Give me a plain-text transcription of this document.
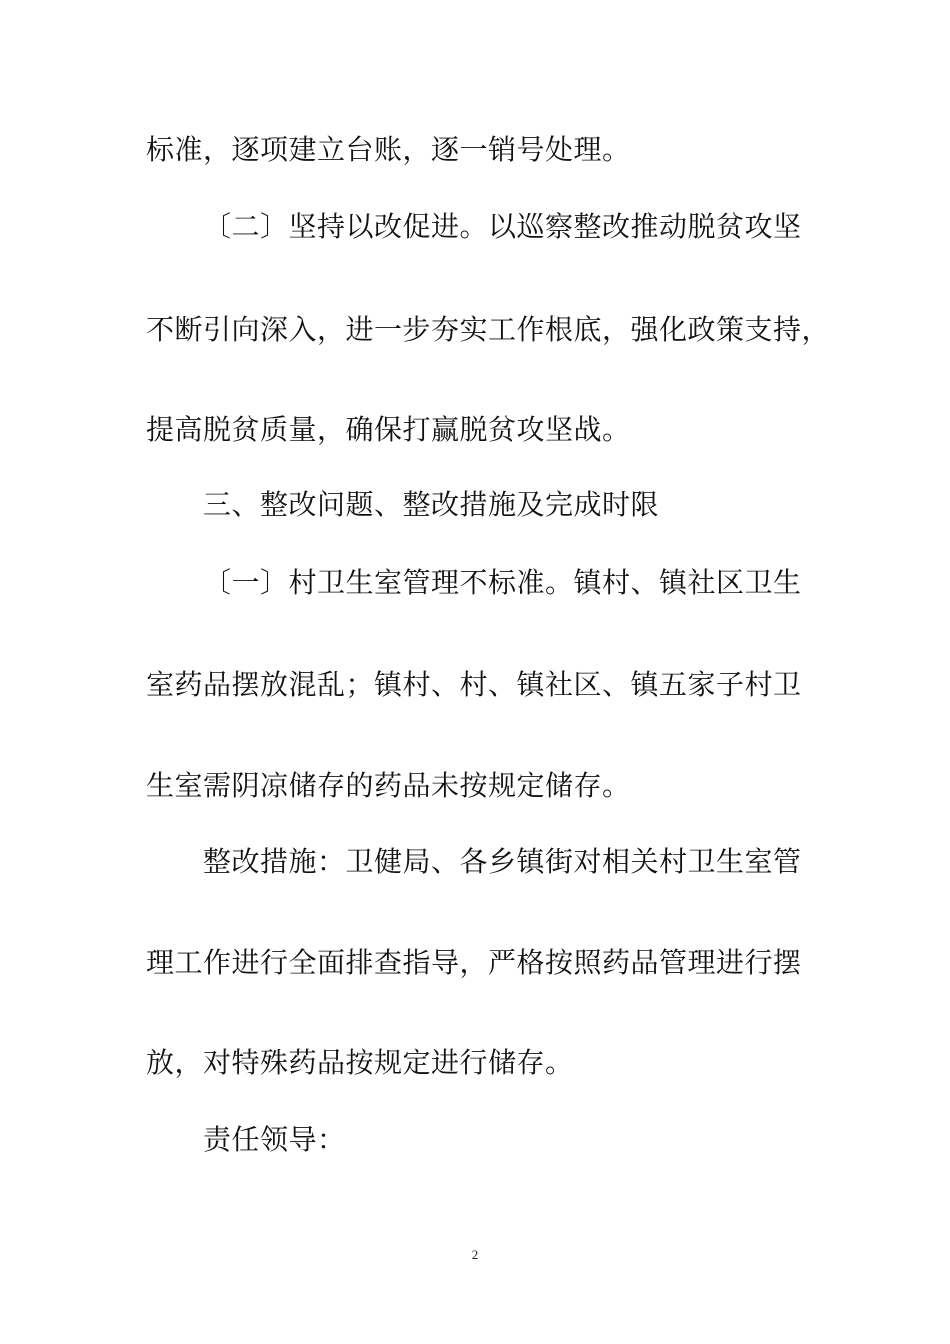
标准，逐项建立台账，逐一销号处理。
〔二〕坚持以改促进。以巡察整改推动脱贫攻坚
不断引向深入，进一步夯实工作根底，强化政策支持，
提高脱贫质量，确保打赢脱贫攻坚战。
三、整改问题、整改措施及完成时限
〔一〕村卫生室管理不标准。镇村、镇社区卫生
室药品摆放混乱；镇村、村、镇社区、镇五家子村卫
生室需阴凉储存的药品未按规定储存。
整改措施：卫健局、各乡镇街对相关村卫生室管
理工作进行全面排查指导，严格按照药品管理进行摆
放，对特殊药品按规定进行储存。
责任领导：
2
